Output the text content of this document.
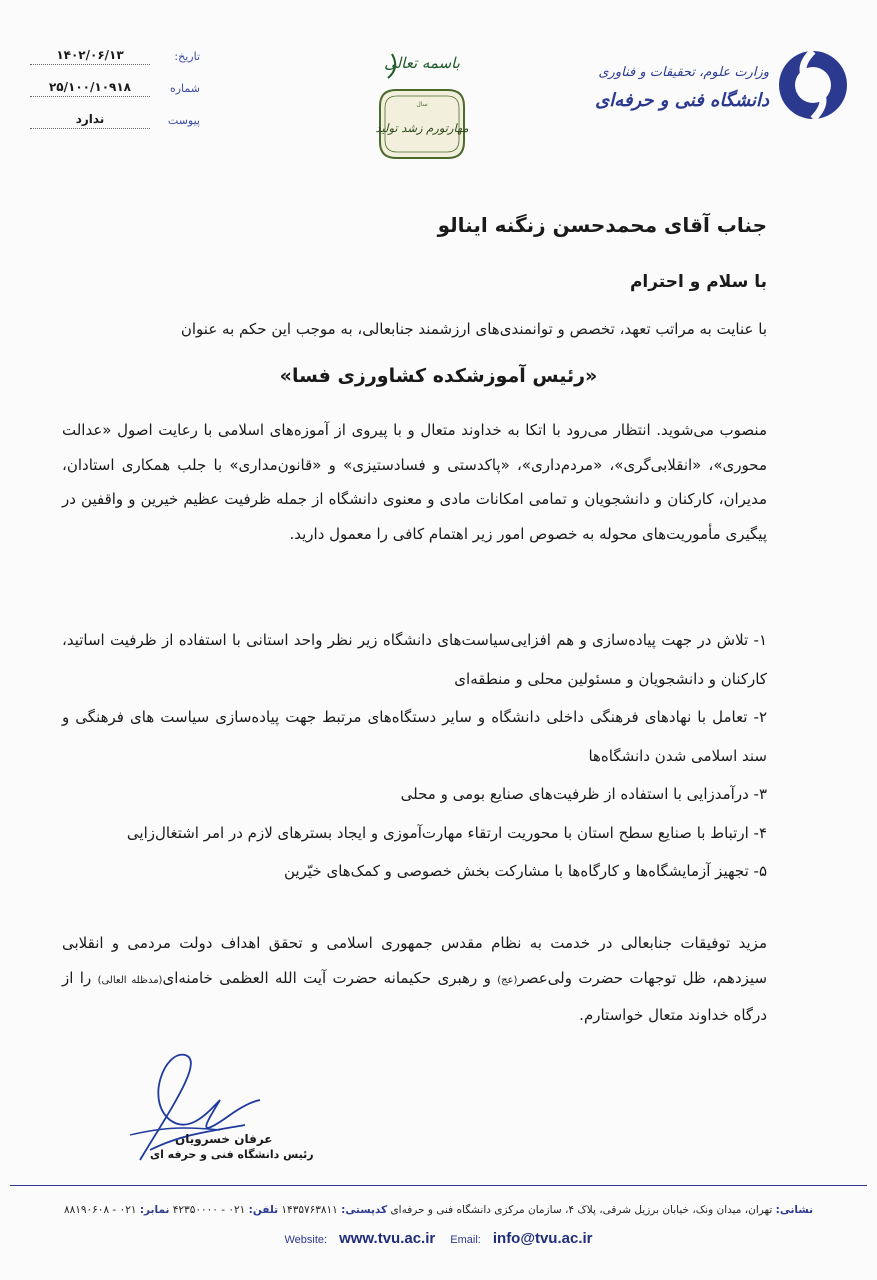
تاریخ:
۱۴۰۲/۰۶/۱۳
شماره
۲۵/۱۰۰/۱۰۹۱۸
پیوست
ندارد
باسمه تعالی
سال
مهارتورم زشد تولید
وزارت علوم، تحقیقات و فناوری
دانشگاه فنی و حرفه‌ای
جناب آقای محمدحسن زنگنه اینالو
با سلام و احترام
با عنایت به مراتب تعهد، تخصص و توانمندی‌های ارزشمند جنابعالی، به موجب این حکم به عنوان
«رئیس آموزشکده کشاورزی فسا»
منصوب می‌شوید. انتظار می‌رود با اتکا به خداوند متعال و با پیروی از آموزه‌های اسلامی با رعایت اصول «عدالت محوری»، «انقلابی‌گری»، «مردم‌داری»، «پاکدستی و فسادستیزی» و «قانون‌مداری» با جلب همکاری استادان، مدیران، کارکنان و دانشجویان و تمامی امکانات مادی و معنوی دانشگاه از جمله ظرفیت عظیم خیرین و واقفین در پیگیری مأموریت‌های محوله به خصوص امور زیر اهتمام کافی را معمول دارید.
۱- تلاش در جهت پیاده‌سازی و هم افزایی‌سیاست‌های دانشگاه زیر نظر واحد استانی با استفاده از ظرفیت اساتید، کارکنان و دانشجویان و مسئولین محلی و منطقه‌ای
۲- تعامل با نهادهای فرهنگی داخلی دانشگاه و سایر دستگاه‌های مرتبط جهت پیاده‌سازی سیاست های فرهنگی و سند اسلامی شدن دانشگاه‌ها
۳- درآمدزایی با استفاده از ظرفیت‌های صنایع بومی و محلی
۴- ارتباط با صنایع سطح استان با محوریت ارتقاء مهارت‌آموزی و ایجاد بسترهای لازم در امر اشتغال‌زایی
۵- تجهیز آزمایشگاه‌ها و کارگاه‌ها با مشارکت بخش خصوصی و کمک‌های خیّرین
مزید توفیقات جنابعالی در خدمت به نظام مقدس جمهوری اسلامی و تحقق اهداف دولت مردمی و انقلابی سیزدهم، ظل توجهات حضرت ولی‌عصر(عج) و رهبری حکیمانه حضرت آیت الله العظمی خامنه‌ای(مدظله العالی) را از درگاه خداوند متعال خواستارم.
عرفان خسرویان
رئیس دانشگاه فنی و حرفه ای
نشانی: تهران، میدان ونک، خیابان برزیل شرقی، پلاک ۴، سازمان مرکزی دانشگاه فنی و حرفه‌ای کدپستی: ۱۴۳۵۷۶۳۸۱۱ تلفن: ۰۲۱ - ۴۲۳۵۰۰۰۰ نمابر: ۰۲۱ - ۸۸۱۹۰۶۰۸
Website: www.tvu.ac.ir Email: info@tvu.ac.ir
